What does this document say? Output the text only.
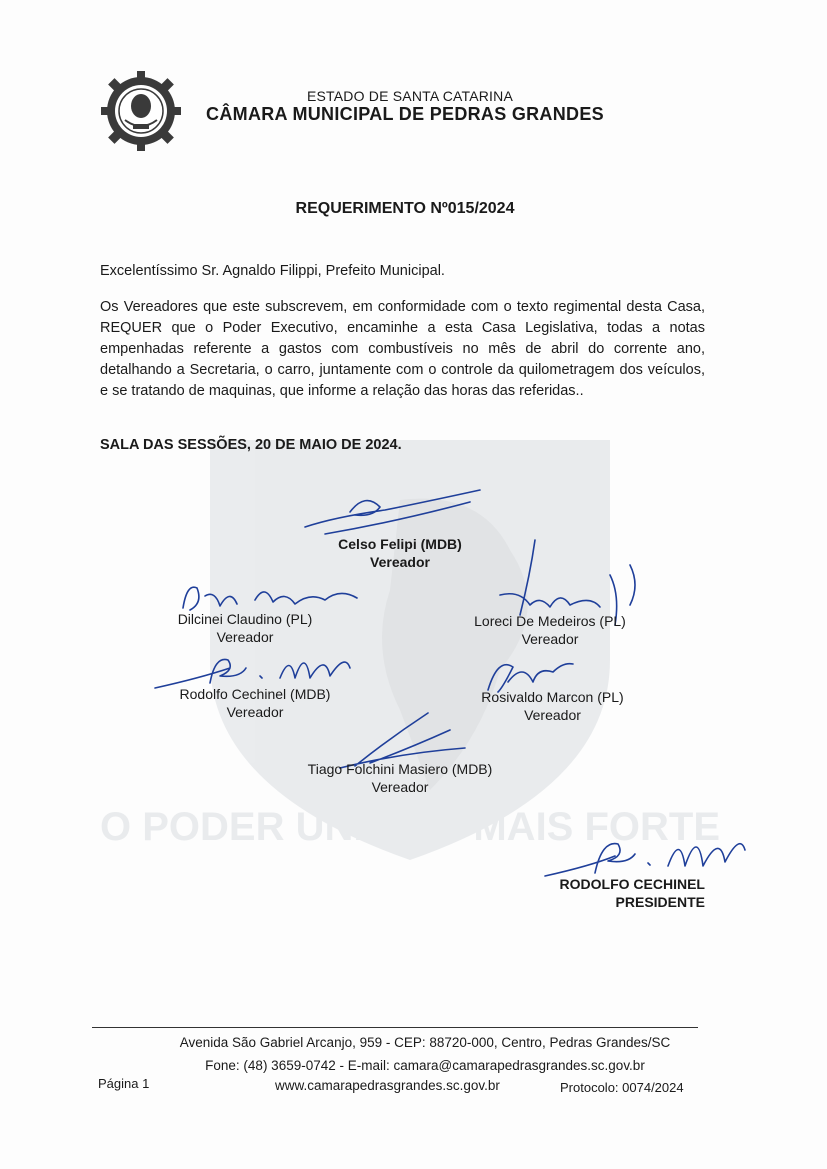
O PODER UNIDO É MAIS FORTE
ESTADO DE SANTA CATARINA
CÂMARA MUNICIPAL DE PEDRAS GRANDES
REQUERIMENTO Nº015/2024
Excelentíssimo Sr. Agnaldo Filippi, Prefeito Municipal.
Os Vereadores que este subscrevem, em conformidade com o texto regimental desta Casa, REQUER que o Poder Executivo, encaminhe a esta Casa Legislativa, todas a notas empenhadas referente a gastos com combustíveis no mês de abril do corrente ano, detalhando a Secretaria, o carro, juntamente com o controle da quilometragem dos veículos, e se tratando de maquinas, que informe a relação das horas das referidas..
SALA DAS SESSÕES, 20 DE MAIO DE 2024.
Celso Felipi (MDB)
Vereador
Dilcinei Claudino (PL)
Vereador
Loreci De Medeiros (PL)
Vereador
Rodolfo Cechinel (MDB)
Vereador
Rosivaldo Marcon (PL)
Vereador
Tiago Folchini Masiero (MDB)
Vereador
RODOLFO CECHINEL
PRESIDENTE
Avenida São Gabriel Arcanjo, 959 - CEP: 88720-000, Centro, Pedras Grandes/SC
Fone: (48) 3659-0742 - E-mail: camara@camarapedrasgrandes.sc.gov.br
Página 1	www.camarapedrasgrandes.sc.gov.br	Protocolo: 0074/2024
